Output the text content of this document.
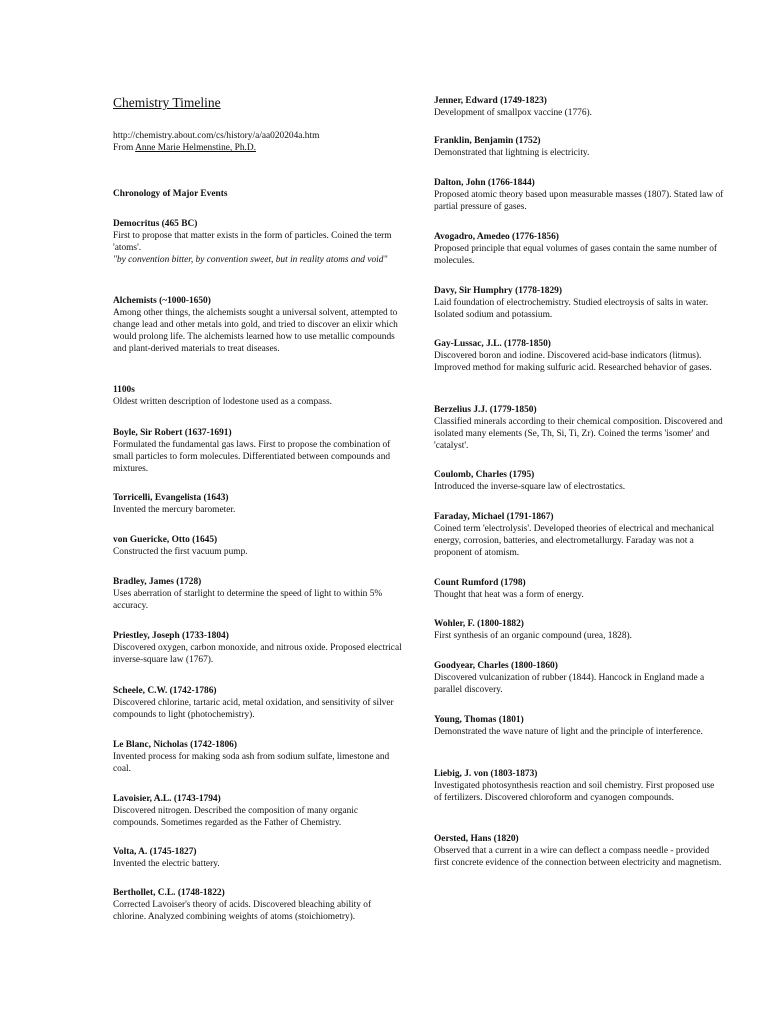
Chemistry Timeline
http://chemistry.about.com/cs/history/a/aa020204a.htm
From Anne Marie Helmenstine, Ph.D.
Chronology of Major Events
Democritus (465 BC)
First to propose that matter exists in the form of particles. Coined the term 'atoms'.
"by convention bitter, by convention sweet, but in reality atoms and void"
Alchemists (~1000-1650)
Among other things, the alchemists sought a universal solvent, attempted to change lead and other metals into gold, and tried to discover an elixir which would prolong life. The alchemists learned how to use metallic compounds and plant-derived materials to treat diseases.
1100s
Oldest written description of lodestone used as a compass.
Boyle, Sir Robert (1637-1691)
Formulated the fundamental gas laws. First to propose the combination of small particles to form molecules. Differentiated between compounds and mixtures.
Torricelli, Evangelista (1643)
Invented the mercury barometer.
von Guericke, Otto (1645)
Constructed the first vacuum pump.
Bradley, James (1728)
Uses aberration of starlight to determine the speed of light to within 5% accuracy.
Priestley, Joseph (1733-1804)
Discovered oxygen, carbon monoxide, and nitrous oxide. Proposed electrical inverse-square law (1767).
Scheele, C.W. (1742-1786)
Discovered chlorine, tartaric acid, metal oxidation, and sensitivity of silver compounds to light (photochemistry).
Le Blanc, Nicholas (1742-1806)
Invented process for making soda ash from sodium sulfate, limestone and coal.
Lavoisier, A.L. (1743-1794)
Discovered nitrogen. Described the composition of many organic compounds. Sometimes regarded as the Father of Chemistry.
Volta, A. (1745-1827)
Invented the electric battery.
Berthollet, C.L. (1748-1822)
Corrected Lavoiser's theory of acids. Discovered bleaching ability of chlorine. Analyzed combining weights of atoms (stoichiometry).
Jenner, Edward (1749-1823)
Development of smallpox vaccine (1776).
Franklin, Benjamin (1752)
Demonstrated that lightning is electricity.
Dalton, John (1766-1844)
Proposed atomic theory based upon measurable masses (1807). Stated law of partial pressure of gases.
Avogadro, Amedeo (1776-1856)
Proposed principle that equal volumes of gases contain the same number of molecules.
Davy, Sir Humphry (1778-1829)
Laid foundation of electrochemistry. Studied electroysis of salts in water. Isolated sodium and potassium.
Gay-Lussac, J.L. (1778-1850)
Discovered boron and iodine. Discovered acid-base indicators (litmus). Improved method for making sulfuric acid. Researched behavior of gases.
Berzelius J.J. (1779-1850)
Classified minerals according to their chemical composition. Discovered and isolated many elements (Se, Th, Si, Ti, Zr). Coined the terms 'isomer' and 'catalyst'.
Coulomb, Charles (1795)
Introduced the inverse-square law of electrostatics.
Faraday, Michael (1791-1867)
Coined term 'electrolysis'. Developed theories of electrical and mechanical energy, corrosion, batteries, and electrometallurgy. Faraday was not a proponent of atomism.
Count Rumford (1798)
Thought that heat was a form of energy.
Wohler, F. (1800-1882)
First synthesis of an organic compound (urea, 1828).
Goodyear, Charles (1800-1860)
Discovered vulcanization of rubber (1844). Hancock in England made a parallel discovery.
Young, Thomas (1801)
Demonstrated the wave nature of light and the principle of interference.
Liebig, J. von (1803-1873)
Investigated photosynthesis reaction and soil chemistry. First proposed use of fertilizers. Discovered chloroform and cyanogen compounds.
Oersted, Hans (1820)
Observed that a current in a wire can deflect a compass needle - provided first concrete evidence of the connection between electricity and magnetism.
